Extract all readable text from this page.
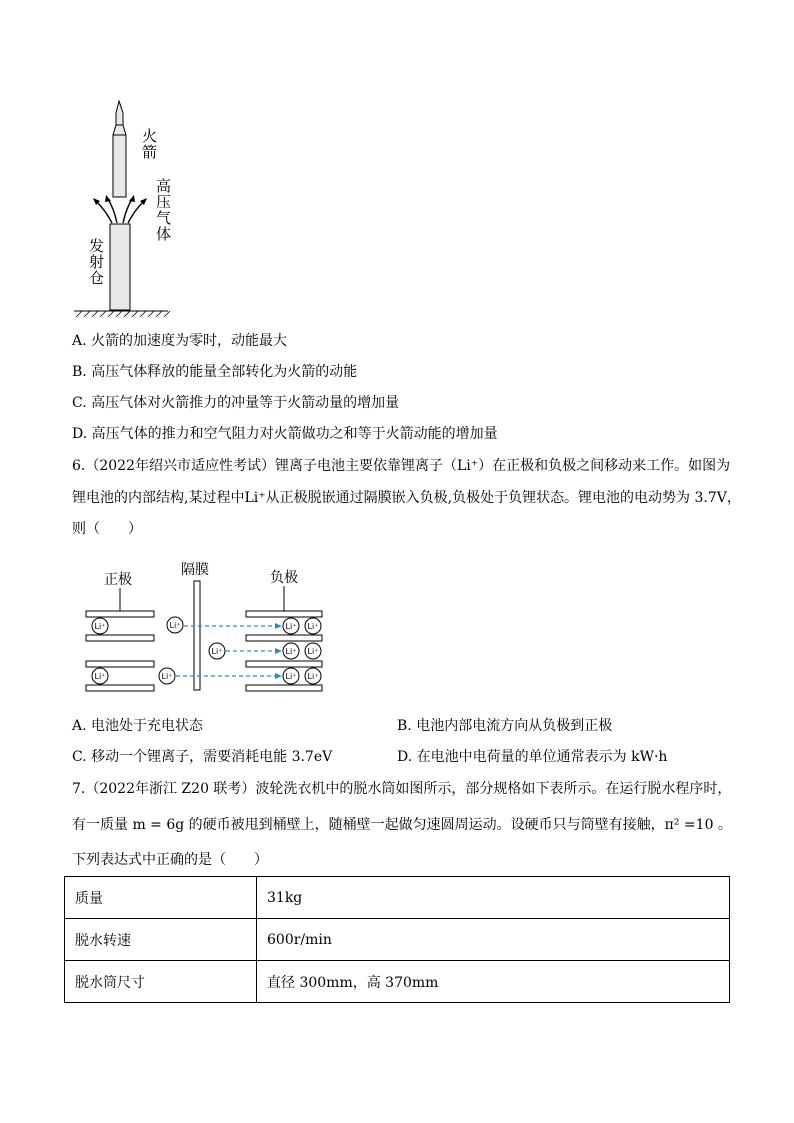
火箭
高压气体
发射仓
A. 火箭的加速度为零时，动能最大
B. 高压气体释放的能量全部转化为火箭的动能
C. 高压气体对火箭推力的冲量等于火箭动量的增加量
D. 高压气体的推力和空气阻力对火箭做功之和等于火箭动能的增加量
6.（2022年绍兴市适应性考试）锂离子电池主要依靠锂离子（Li⁺）在正极和负极之间移动来工作。如图为
锂电池的内部结构,某过程中Li⁺从正极脱嵌通过隔膜嵌入负极,负极处于负锂状态。锂电池的电动势为 3.7V，
则（　　）
正极
隔膜	负极
Li⁺
Li⁺
Li⁺
Li⁺
Li⁺
Li⁺ Li⁺
Li⁺ Li⁺
Li⁺ Li⁺
A. 电池处于充电状态	B. 电池内部电流方向从负极到正极
C. 移动一个锂离子，需要消耗电能 3.7eV	D. 在电池中电荷量的单位通常表示为 kW·h
7.（2022年浙江 Z20 联考）波轮洗衣机中的脱水筒如图所示，部分规格如下表所示。在运行脱水程序时，
有一质量 m = 6g 的硬币被甩到桶壁上，随桶壁一起做匀速圆周运动。设硬币只与筒壁有接触，π² =10 。
下列表达式中正确的是（　　）
质量	31kg
脱水转速	600r/min
脱水筒尺寸	直径 300mm，高 370mm
